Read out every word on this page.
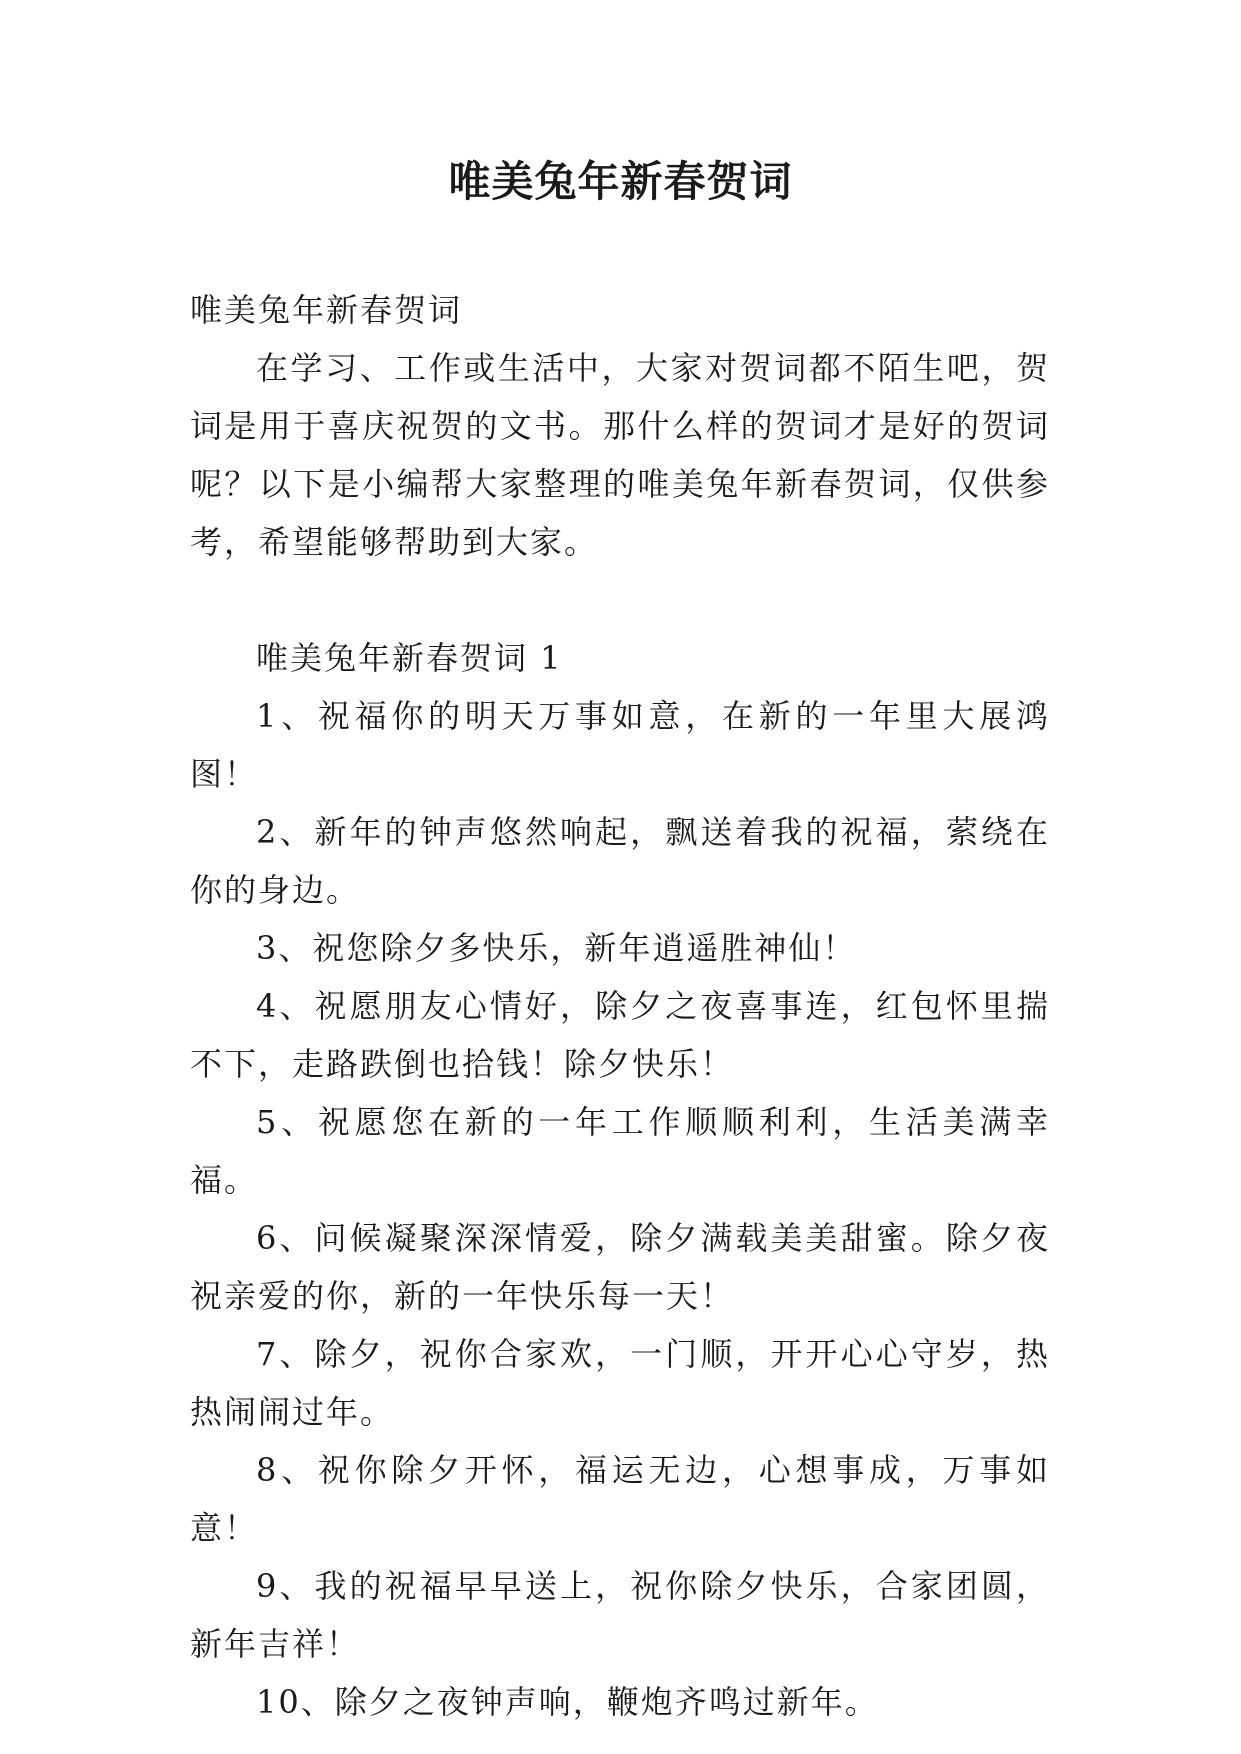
唯美兔年新春贺词

唯美兔年新春贺词

在学习、工作或生活中，大家对贺词都不陌生吧，贺词是用于喜庆祝贺的文书。那什么样的贺词才是好的贺词呢？以下是小编帮大家整理的唯美兔年新春贺词，仅供参考，希望能够帮助到大家。

唯美兔年新春贺词 1

1、祝福你的明天万事如意，在新的一年里大展鸿图！

2、新年的钟声悠然响起，飘送着我的祝福，萦绕在你的身边。

3、祝您除夕多快乐，新年逍遥胜神仙！

4、祝愿朋友心情好，除夕之夜喜事连，红包怀里揣不下，走路跌倒也拾钱！除夕快乐！

5、祝愿您在新的一年工作顺顺利利，生活美满幸福。

6、问候凝聚深深情爱，除夕满载美美甜蜜。除夕夜祝亲爱的你，新的一年快乐每一天！

7、除夕，祝你合家欢，一门顺，开开心心守岁，热热闹闹过年。

8、祝你除夕开怀，福运无边，心想事成，万事如意！

9、我的祝福早早送上，祝你除夕快乐，合家团圆，新年吉祥！

10、除夕之夜钟声响，鞭炮齐鸣过新年。
